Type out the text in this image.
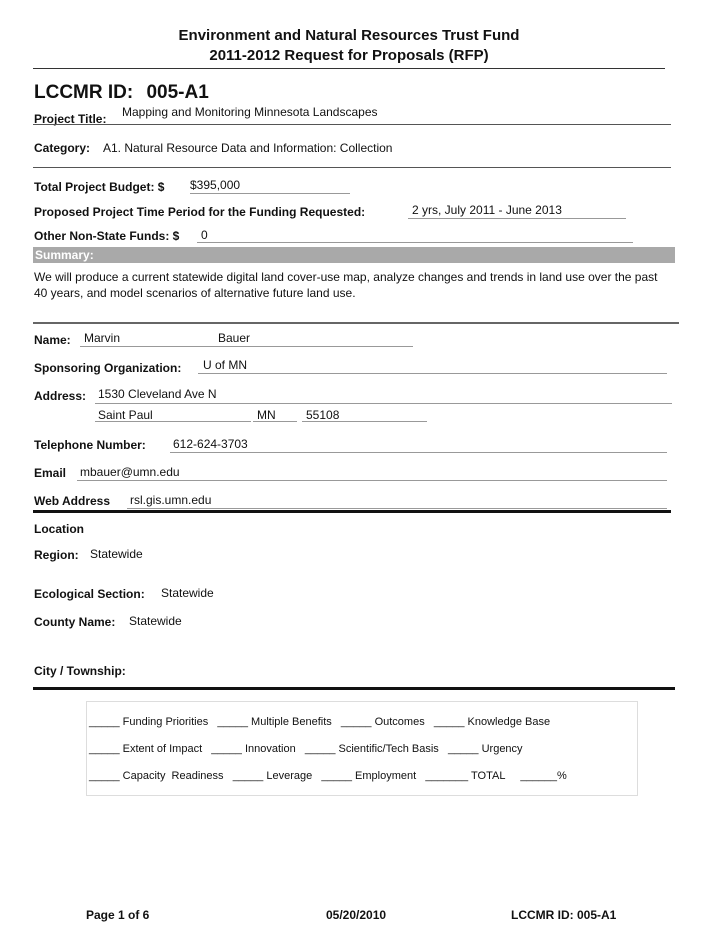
Environment and Natural Resources Trust Fund
2011-2012 Request for Proposals (RFP)
LCCMR ID: 005-A1
Project Title: Mapping and Monitoring Minnesota Landscapes
Category: A1. Natural Resource Data and Information: Collection
Total Project Budget: $ $395,000
Proposed Project Time Period for the Funding Requested:	2 yrs, July 2011 - June 2013
Other Non-State Funds: $ 0
Summary:
We will produce a current statewide digital land cover-use map, analyze changes and trends in land use over the past 40 years, and model scenarios of alternative future land use.
Name: Marvin	Bauer
Sponsoring Organization: U of MN
Address: 1530 Cleveland Ave N
Saint Paul	MN	55108
Telephone Number: 612-624-3703
Email mbauer@umn.edu
Web Address rsl.gis.umn.edu
Location
Region: Statewide
Ecological Section: Statewide
County Name: Statewide
City / Township:
_____ Funding Priorities   _____ Multiple Benefits   _____ Outcomes   _____ Knowledge Base
_____ Extent of Impact   _____ Innovation   _____ Scientific/Tech Basis   _____ Urgency
_____ Capacity  Readiness   _____ Leverage   _____ Employment   _______ TOTAL     ______%
Page 1 of 6	05/20/2010	LCCMR ID: 005-A1
